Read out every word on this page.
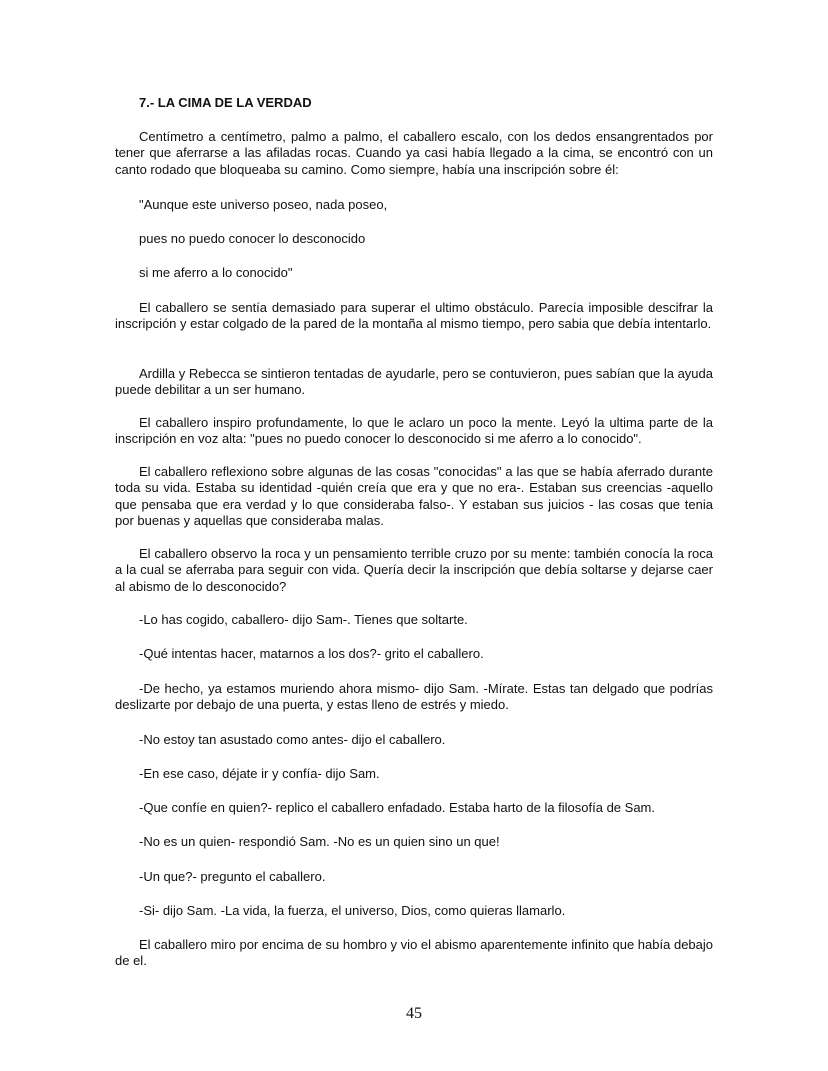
7.- LA CIMA DE LA VERDAD

Centímetro a centímetro, palmo a palmo, el caballero escalo, con los dedos ensangrentados por tener que aferrarse a las afiladas rocas. Cuando ya casi había llegado a la cima, se encontró con un canto rodado que bloqueaba su camino. Como siempre, había una inscripción sobre él:

"Aunque este universo poseo, nada poseo,

pues no puedo conocer lo desconocido

si me aferro a lo conocido"

El caballero se sentía demasiado para superar el ultimo obstáculo. Parecía imposible descifrar la inscripción y estar colgado de la pared de la montaña al mismo tiempo, pero sabia que debía intentarlo.

Ardilla y Rebecca se sintieron tentadas de ayudarle, pero se contuvieron, pues sabían que la ayuda puede debilitar a un ser humano.

El caballero inspiro profundamente, lo que le aclaro un poco la mente. Leyó la ultima parte de la inscripción en voz alta: "pues no puedo conocer lo desconocido si me aferro a lo conocido".

El caballero reflexiono sobre algunas de las cosas "conocidas" a las que se había aferrado durante toda su vida. Estaba su identidad -quién creía que era y que no era-. Estaban sus creencias -aquello que pensaba que era verdad y lo que consideraba falso-. Y estaban sus juicios - las cosas que tenia por buenas y aquellas que consideraba malas.

El caballero observo la roca y un pensamiento terrible cruzo por su mente: también conocía la roca a la cual se aferraba para seguir con vida. Quería decir la inscripción que debía soltarse y dejarse caer al abismo de lo desconocido?

-Lo has cogido, caballero- dijo Sam-. Tienes que soltarte.

-Qué intentas hacer, matarnos a los dos?- grito el caballero.

-De hecho, ya estamos muriendo ahora mismo- dijo Sam. -Mírate. Estas tan delgado que podrías deslizarte por debajo de una puerta, y estas lleno de estrés y miedo.

-No estoy tan asustado como antes- dijo el caballero.

-En ese caso, déjate ir y confía- dijo Sam.

-Que confíe en quien?- replico el caballero enfadado. Estaba harto de la filosofía de Sam.

-No es un quien- respondió Sam. -No es un quien sino un que!

-Un que?- pregunto el caballero.

-Si- dijo Sam. -La vida, la fuerza, el universo, Dios, como quieras llamarlo.

El caballero miro por encima de su hombro y vio el abismo aparentemente infinito que había debajo de el.

45
